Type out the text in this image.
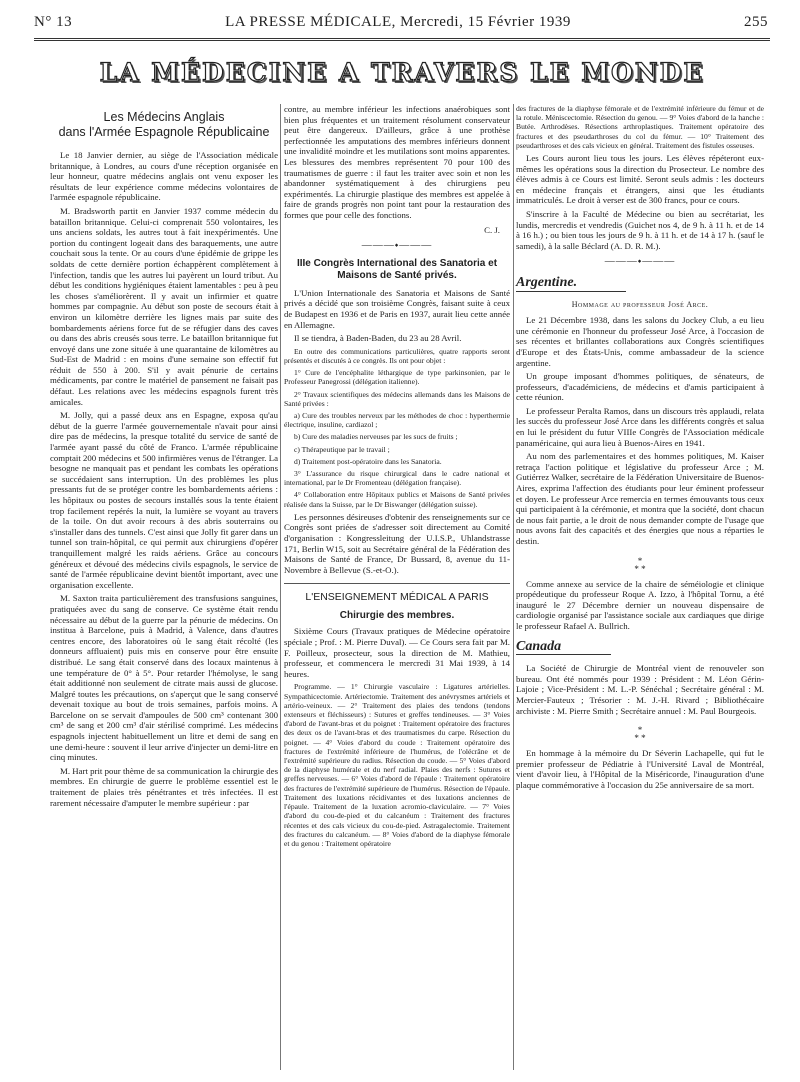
N° 13	LA PRESSE MÉDICALE, Mercredi, 15 Février 1939	255
LA MÉDECINE A TRAVERS LE MONDE
Les Médecins Anglais
dans l'Armée Espagnole Républicaine

Le 18 Janvier dernier, au siège de l'Association médicale britannique, à Londres, au cours d'une réception organisée en leur honneur, quatre médecins anglais ont venu exposer les résultats de leur expérience comme médecins volontaires de l'armée espagnole républicaine.

M. Bradsworth partit en Janvier 1937 comme médecin du bataillon britannique. Celui-ci comprenait 550 volontaires, les uns anciens soldats, les autres tout à fait inexpérimentés. Une portion du contingent logeait dans des baraquements, une autre couchait sous la tente. Or au cours d'une épidémie de grippe les soldats de cette dernière portion échappèrent complètement à l'infection, tandis que les autres lui payèrent un lourd tribut. Au début les conditions hygiéniques étaient lamentables : peu à peu les choses s'améliorèrent. Il y avait un infirmier et quatre hommes par compagnie. Au début son poste de secours était à environ un kilomètre derrière les lignes mais par suite des bombardements aériens force fut de se réfugier dans des caves ou dans des abris creusés sous terre. Le bataillon britannique fut envoyé dans une zone située à une quarantaine de kilomètres au Sud-Est de Madrid : en moins d'une semaine son effectif fut réduit de 550 à 200. S'il y avait pénurie de certains médicaments, par contre le matériel de pansement ne faisait pas défaut. Les relations avec les médecins espagnols furent très amicales.

M. Jolly, qui a passé deux ans en Espagne, exposa qu'au début de la guerre l'armée gouvernementale n'avait pour ainsi dire pas de médecins, la presque totalité du service de santé de l'armée ayant passé du côté de Franco. L'armée républicaine comptait 200 médecins et 500 infirmières venus de l'étranger. La besogne ne manquait pas et pendant les combats les opérations se succédaient sans interruption. Un des problèmes les plus pressants fut de se protéger contre les bombardements aériens : les hôpitaux ou postes de secours installés sous la tente étaient trop facilement repérés la nuit, la lumière se voyant au travers de la toile. On dut avoir recours à des abris souterrains ou s'installer dans des tunnels. C'est ainsi que Jolly fit garer dans un tunnel son train-hôpital, ce qui permit aux chirurgiens d'opérer tranquillement malgré les raids aériens. Grâce au concours généreux et dévoué des médecins civils espagnols, le service de santé de l'armée républicaine devint bientôt important, avec une organisation excellente.

M. Saxton traita particulièrement des transfusions sanguines, pratiquées avec du sang de conserve. Ce système était rendu nécessaire au début de la guerre par la pénurie de médecins. On institua à Barcelone, puis à Madrid, à Valence, dans d'autres centres encore, des laboratoires où le sang était récolté (les donneurs affluaient) puis mis en conserve pour être ensuite distribué. Le sang était conservé dans des locaux maintenus à une température de 0° à 5°. Pour retarder l'hémolyse, le sang était additionné non seulement de citrate mais aussi de glucose. Malgré toutes les précautions, on s'aperçut que le sang conservé devenait toxique au bout de trois semaines, parfois moins. A Barcelone on se servait d'ampoules de 500 cm³ contenant 300 cm³ de sang et 200 cm³ d'air stérilisé comprimé. Les médecins espagnols injectent habituellement un litre et demi de sang en une demi-heure : souvent il leur arrive d'injecter un demi-litre en cinq minutes.

M. Hart prit pour thème de sa communication la chirurgie des membres. En chirurgie de guerre le problème essentiel est le traitement de plaies très pénétrantes et très infectées. Il est rarement nécessaire d'amputer le membre supérieur : par

contre, au membre inférieur les infections anaérobiques sont bien plus fréquentes et un traitement résolument conservateur peut être dangereux. D'ailleurs, grâce à une prothèse perfectionnée les amputations des membres inférieurs donnent une invalidité moindre et les mutilations sont moins apparentes. Les blessures des membres représentent 70 pour 100 des traumatismes de guerre : il faut les traiter avec soin et non les abandonner systématiquement à des chirurgiens peu expérimentés. La chirurgie plastique des membres est appelée à faire de grands progrès non point tant pour la restauration des formes que pour celle des fonctions.

C. J.
———⬩———
IIIe Congrès International des Sanatoria et Maisons de Santé privés.

L'Union Internationale des Sanatoria et Maisons de Santé privés a décidé que son troisième Congrès, faisant suite à ceux de Budapest en 1936 et de Paris en 1937, aurait lieu cette année en Allemagne.

Il se tiendra, à Baden-Baden, du 23 au 28 Avril.

En outre des communications particulières, quatre rapports seront présentés et discutés à ce congrès. Ils ont pour objet :

1° Cure de l'encéphalite léthargique de type parkinsonien, par le Professeur Panegrossi (délégation italienne).

2° Travaux scientifiques des médecins allemands dans les Maisons de Santé privées :

a) Cure des troubles nerveux par les méthodes de choc : hyperthermie électrique, insuline, cardiazol ;

b) Cure des maladies nerveuses par les sucs de fruits ;

c) Thérapeutique par le travail ;

d) Traitement post-opératoire dans les Sanatoria.

3° L'assurance du risque chirurgical dans le cadre national et international, par le Dr Fromenteau (délégation française).

4° Collaboration entre Hôpitaux publics et Maisons de Santé privées réalisée dans la Suisse, par le Dr Biswanger (délégation suisse).

Les personnes désireuses d'obtenir des renseignements sur ce Congrès sont priées de s'adresser soit directement au Comité d'organisation : Kongressleitung der U.I.S.P., Uhlandstrasse 171, Berlin W15, soit au Secrétaire général de la Fédération des Maisons de Santé de France, Dr Bussard, 8, avenue du 11-Novembre à Bellevue (S.-et-O.).

L'ENSEIGNEMENT MÉDICAL A PARIS
Chirurgie des membres.

Sixième Cours (Travaux pratiques de Médecine opératoire spéciale ; Prof. : M. Pierre Duval). — Ce Cours sera fait par M. F. Poilleux, prosecteur, sous la direction de M. Mathieu, professeur, et commencera le mercredi 31 Mai 1939, à 14 heures.

Programme. — 1° Chirurgie vasculaire : Ligatures artérielles. Sympathicectomie. Artériectomie. Traitement des anévrysmes artériels et artério-veineux. — 2° Traitement des plaies des tendons (tendons extenseurs et fléchisseurs) : Sutures et greffes tendineuses. — 3° Voies d'abord de l'avant-bras et du poignet : Traitement opératoire des fractures des deux os de l'avant-bras et des traumatismes du carpe. Résection du poignet. — 4° Voies d'abord du coude : Traitement opératoire des fractures de l'extrémité inférieure de l'humérus, de l'olécrâne et de l'extrémité supérieure du radius. Résection du coude. — 5° Voies d'abord de la diaphyse humérale et du nerf radial. Plaies des nerfs : Sutures et greffes nerveuses. — 6° Voies d'abord de l'épaule : Traitement opératoire des fractures de l'extrémité supérieure de l'humérus. Résection de l'épaule. Traitement des luxations récidivantes et des luxations anciennes de l'épaule. Traitement de la luxation acromio-claviculaire. — 7° Voies d'abord du cou-de-pied et du calcanéum : Traitement des fractures récentes et des cals vicieux du cou-de-pied. Astragalectomie. Traitement des fractures du calcanéum. — 8° Voies d'abord de la diaphyse fémorale et du genou : Traitement opératoire

des fractures de la diaphyse fémorale et de l'extrémité inférieure du fémur et de la rotule. Méniscectomie. Résection du genou. — 9° Voies d'abord de la hanche : Butée. Arthrodèses. Résections arthroplastiques. Traitement opératoire des fractures et des pseudarthroses du col du fémur. — 10° Traitement des pseudarthroses et des cals vicieux en général. Traitement des fistules osseuses.

Les Cours auront lieu tous les jours. Les élèves répéteront eux-mêmes les opérations sous la direction du Prosecteur. Le nombre des élèves admis à ce Cours est limité. Seront seuls admis : les docteurs en médecine français et étrangers, ainsi que les étudiants immatriculés. Le droit à verser est de 300 francs, pour ce cours.

S'inscrire à la Faculté de Médecine ou bien au secrétariat, les lundis, mercredis et vendredis (Guichet nos 4, de 9 h. à 11 h. et de 14 à 16 h.) ; ou bien tous les jours de 9 h. à 11 h. et de 14 à 17 h. (sauf le samedi), à la salle Béclard (A. D. R. M.).

———⬩———
Argentine.
Hommage au professeur José Arce.

Le 21 Décembre 1938, dans les salons du Jockey Club, a eu lieu une cérémonie en l'honneur du professeur José Arce, à l'occasion de ses récentes et brillantes collaborations aux Congrès scientifiques d'Europe et des États-Unis, comme ambassadeur de la science argentine.

Un groupe imposant d'hommes politiques, de sénateurs, de professeurs, d'académiciens, de médecins et d'amis participaient à cette réunion.

Le professeur Peralta Ramos, dans un discours très applaudi, relata les succès du professeur José Arce dans les différents congrès et salua en lui le président du futur VIIIe Congrès de l'Association médicale panaméricaine, qui aura lieu à Buenos-Aires en 1941.

Au nom des parlementaires et des hommes politiques, M. Kaiser retraça l'action politique et législative du professeur Arce ; M. Gutiérrez Walker, secrétaire de la Fédération Universitaire de Buenos-Aires, exprima l'affection des étudiants pour leur éminent professeur et doyen. Le professeur Arce remercia en termes émouvants tous ceux qui participaient à la cérémonie, et montra que la société, dont chacun de nous fait partie, a le droit de nous demander compte de l'usage que nous avons fait des capacités et des énergies que nous a réparties le destin.

*
* *

Comme annexe au service de la chaire de séméiologie et clinique propédeutique du professeur Roque A. Izzo, à l'hôpital Tornu, a été inauguré le 27 Décembre dernier un nouveau dispensaire de cardiologie organisé par l'assistance sociale aux cardiaques que dirige le professeur Rafael A. Bullrich.

Canada

La Société de Chirurgie de Montréal vient de renouveler son bureau. Ont été nommés pour 1939 : Président : M. Léon Gérin-Lajoie ; Vice-Président : M. L.-P. Sénéchal ; Secrétaire général : M. Mercier-Fauteux ; Trésorier : M. J.-H. Rivard ; Bibliothécaire archiviste : M. Pierre Smith ; Secrétaire annuel : M. Paul Bourgeois.

*
* *

En hommage à la mémoire du Dr Séverin Lachapelle, qui fut le premier professeur de Pédiatrie à l'Université Laval de Montréal, vient d'avoir lieu, à l'Hôpital de la Miséricorde, l'inauguration d'une plaque commémorative à l'occasion du 25e anniversaire de sa mort.
